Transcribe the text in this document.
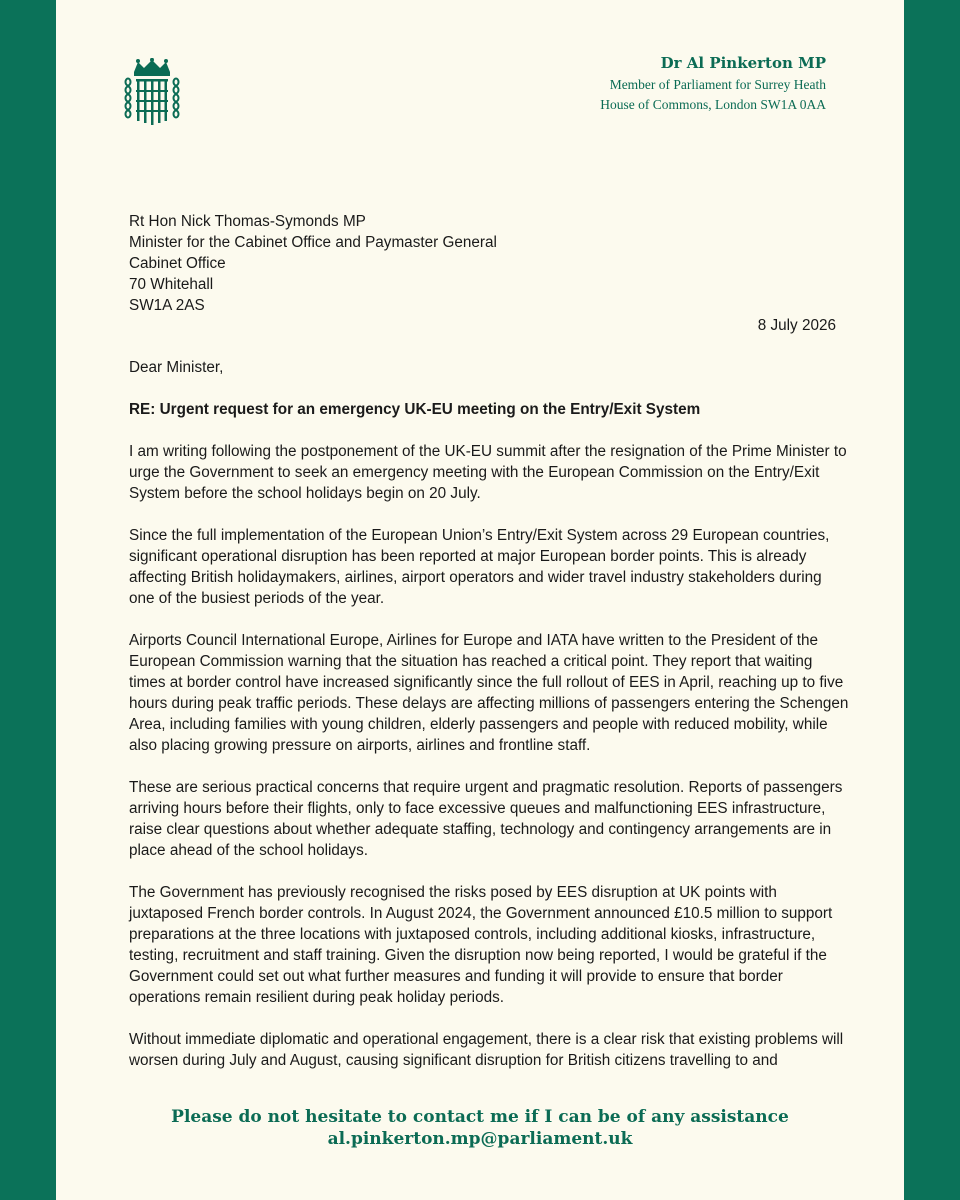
Dr Al Pinkerton MP
Member of Parliament for Surrey Heath
House of Commons, London SW1A 0AA
Rt Hon Nick Thomas-Symonds MP
Minister for the Cabinet Office and Paymaster General
Cabinet Office
70 Whitehall
SW1A 2AS
8 July 2026
Dear Minister,
RE: Urgent request for an emergency UK-EU meeting on the Entry/Exit System

I am writing following the postponement of the UK-EU summit after the resignation of the Prime Minister to urge the Government to seek an emergency meeting with the European Commission on the Entry/Exit System before the school holidays begin on 20 July.

Since the full implementation of the European Union’s Entry/Exit System across 29 European countries, significant operational disruption has been reported at major European border points. This is already affecting British holidaymakers, airlines, airport operators and wider travel industry stakeholders during one of the busiest periods of the year.

Airports Council International Europe, Airlines for Europe and IATA have written to the President of the European Commission warning that the situation has reached a critical point. They report that waiting times at border control have increased significantly since the full rollout of EES in April, reaching up to five hours during peak traffic periods. These delays are affecting millions of passengers entering the Schengen Area, including families with young children, elderly passengers and people with reduced mobility, while also placing growing pressure on airports, airlines and frontline staff.

These are serious practical concerns that require urgent and pragmatic resolution. Reports of passengers arriving hours before their flights, only to face excessive queues and malfunctioning EES infrastructure, raise clear questions about whether adequate staffing, technology and contingency arrangements are in place ahead of the school holidays.

The Government has previously recognised the risks posed by EES disruption at UK points with juxtaposed French border controls. In August 2024, the Government announced £10.5 million to support preparations at the three locations with juxtaposed controls, including additional kiosks, infrastructure, testing, recruitment and staff training. Given the disruption now being reported, I would be grateful if the Government could set out what further measures and funding it will provide to ensure that border operations remain resilient during peak holiday periods.

Without immediate diplomatic and operational engagement, there is a clear risk that existing problems will worsen during July and August, causing significant disruption for British citizens travelling to and

Please do not hesitate to contact me if I can be of any assistance
al.pinkerton.mp@parliament.uk
